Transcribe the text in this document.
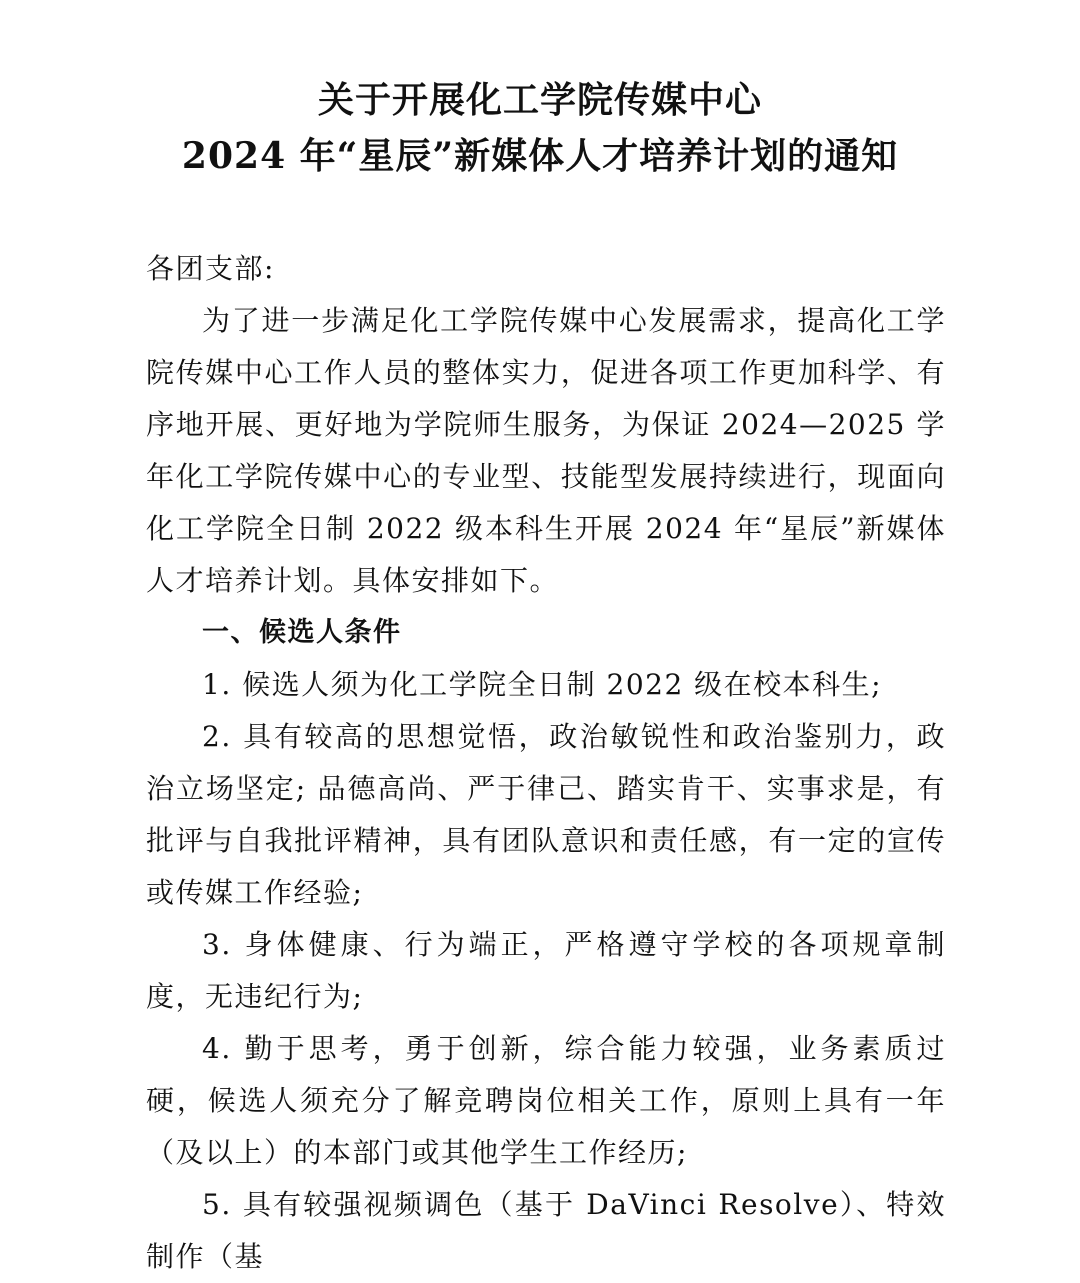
关于开展化工学院传媒中心
2024 年“星辰”新媒体人才培养计划的通知

各团支部:

为了进一步满足化工学院传媒中心发展需求，提高化工学院传媒中心工作人员的整体实力，促进各项工作更加科学、有序地开展、更好地为学院师生服务，为保证 2024—2025 学年化工学院传媒中心的专业型、技能型发展持续进行，现面向化工学院全日制 2022 级本科生开展 2024 年“星辰”新媒体人才培养计划。具体安排如下。

一、候选人条件

1. 候选人须为化工学院全日制 2022 级在校本科生;

2. 具有较高的思想觉悟，政治敏锐性和政治鉴别力，政治立场坚定; 品德高尚、严于律己、踏实肯干、实事求是，有批评与自我批评精神，具有团队意识和责任感，有一定的宣传或传媒工作经验;

3. 身体健康、行为端正，严格遵守学校的各项规章制度，无违纪行为;

4. 勤于思考，勇于创新，综合能力较强，业务素质过硬，候选人须充分了解竞聘岗位相关工作，原则上具有一年（及以上）的本部门或其他学生工作经历;

5. 具有较强视频调色（基于 DaVinci Resolve）、特效制作（基
